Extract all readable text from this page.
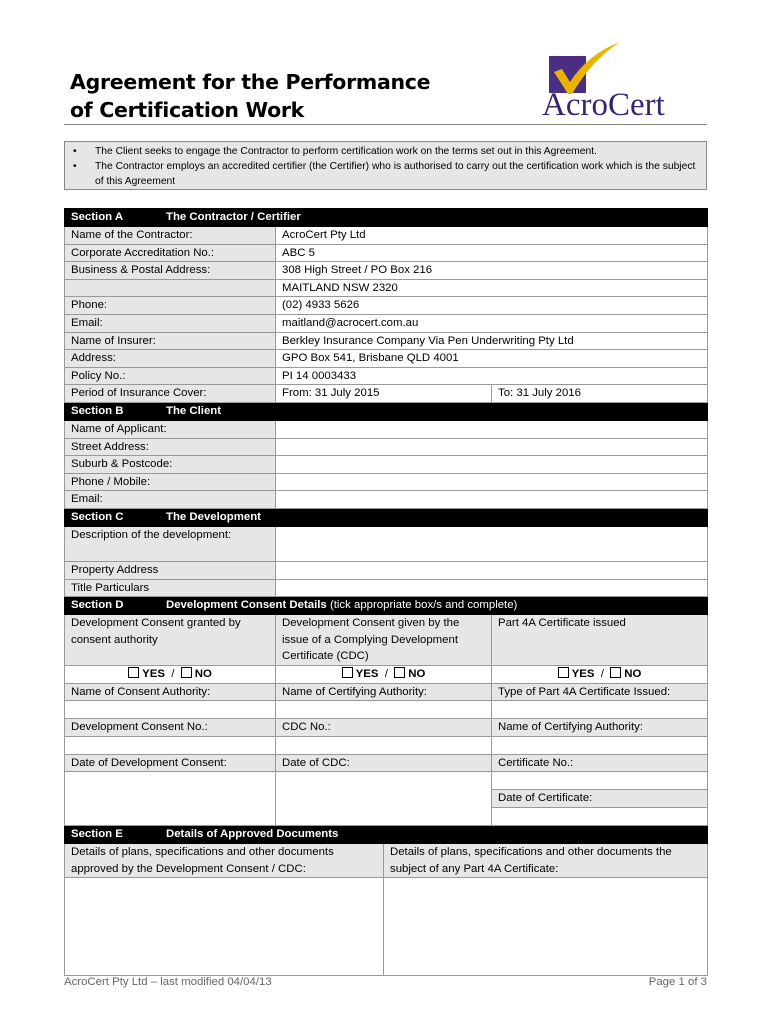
Agreement for the Performance
of Certification Work	AcroCert
• The Client seeks to engage the Contractor to perform certification work on the terms set out in this Agreement.
• The Contractor employs an accredited certifier (the Certifier) who is authorised to carry out the certification work which is the subject of this Agreement
Section A The Contractor / Certifier			
Name of the Contractor:	AcroCert Pty Ltd		
Corporate Accreditation No.:	ABC 5		
Business & Postal Address:	308 High Street / PO Box 216		
	MAITLAND NSW 2320		
Phone:	(02) 4933 5626		
Email:	maitland@acrocert.com.au		
Name of Insurer:	Berkley Insurance Company Via Pen Underwriting Pty Ltd		
Address:	GPO Box 541, Brisbane QLD 4001		
Policy No.:	PI 14 0003433		
Period of Insurance Cover:	From: 31 July 2015		To: 31 July 2016
Section B The Client			
Name of Applicant:			
Street Address:			
Suburb & Postcode:			
Phone / Mobile:			
Email:			
Section C The Development			
Description of the development:			
Property Address			
Title Particulars			
Section D Development Consent Details (tick appropriate box/s and complete)			
Development Consent granted by consent authority	Development Consent given by the issue of a Complying Development Certificate (CDC)		Part 4A Certificate issued
YES / NO	YES / NO		YES / NO
Name of Consent Authority:	Name of Certifying Authority:		Type of Part 4A Certificate Issued:

Development Consent No.:	CDC No.:		Name of Certifying Authority:

Date of Development Consent:	Date of CDC:		Certificate No.:

			Date of Certificate:

Section E Details of Approved Documents			
Details of plans, specifications and other documents approved by the Development Consent / CDC:		Details of plans, specifications and other documents the subject of any Part 4A Certificate:	

AcroCert Pty Ltd – last modified 04/04/13	Page 1 of 3
